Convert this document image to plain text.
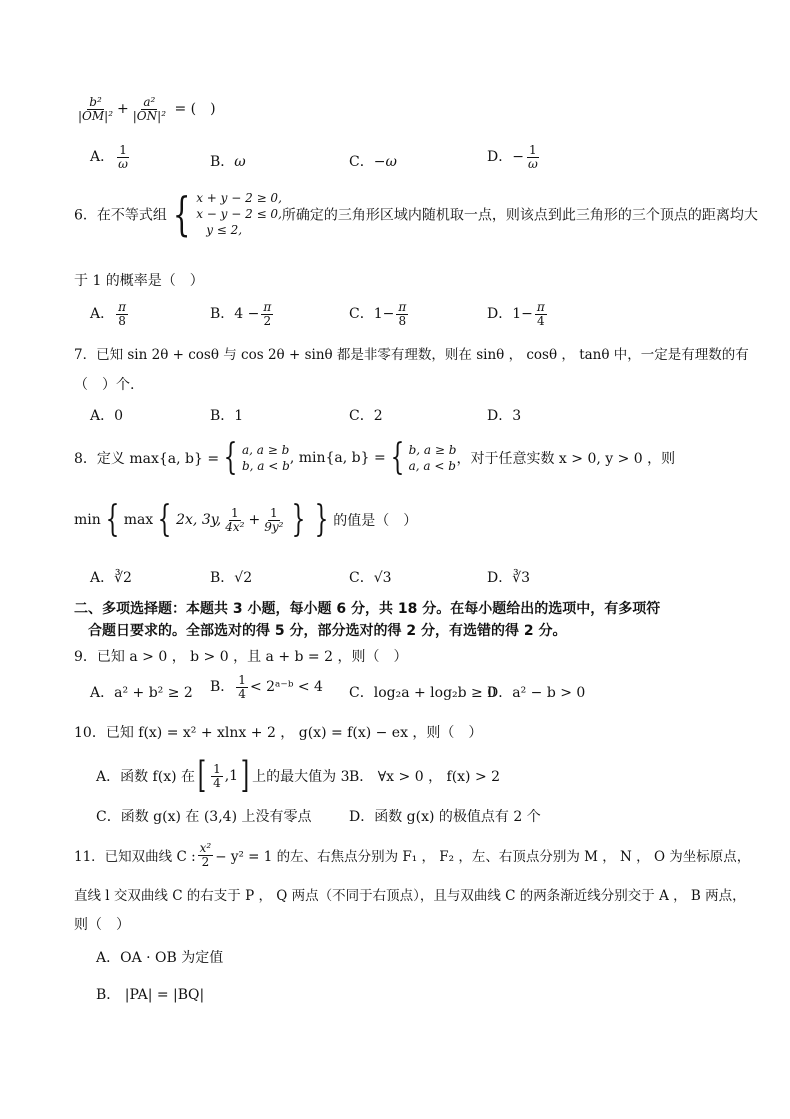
$\frac{\text{b²}}{\text{|OM|²}} + \frac{\text{a²}}{\text{|ON|²}}$ = (　)
A． $\frac{1}{\omega}$	B．ω	C．−ω	D．− $\frac{1}{\omega}$
6．在不等式组 { x + y − 2 ≥ 0,
x − y − 2 ≤ 0,
y ≤ 2,
所确定的三角形区域内随机取一点，则该点到此三角形的三个顶点的距离均大
于 1 的概率是（　）
A． $\frac{\pi}{8}$	B．$4 - \frac{\pi}{2}$	C．$1- \frac{\pi}{8}$	D．$1- \frac{\pi}{4}$
7．已知 sin 2θ + cosθ 与 cos 2θ + sinθ 都是非零有理数，则在 sinθ ， cosθ ， tanθ 中，一定是有理数的有
（　）个.
A．0	B．1	C．2	D．3
8．定义 max{a, b} = { a, a ≥ b
b, a < b , min{a, b} = { b, a ≥ b
a, a < b ，对于任意实数 x > 0, y > 0 ，则
min { max { 2x, 3y, $\frac{1}{\text{4x²}} + \frac{1}{\text{9y²}}$ } } 的值是（　）
A．∛2	B．√2	C．√3	D．∛3
二、多项选择题：本题共 3 小题，每小题 6 分，共 18 分。在每小题给出的选项中，有多项符
合题日要求的。全部选对的得 5 分，部分选对的得 2 分，有选错的得 2 分。
9．已知 a > 0 ， b > 0 ，且 a + b = 2 ，则（　）
A．a² + b² ≥ 2 B． $\frac{1}{4}$ < 2ᵃ⁻ᵇ < 4 C．log₂a + log₂b ≥ 0
D．a² − b > 0
10．已知 f(x) = x² + xlnx + 2 ， g(x) = f(x) − ex ，则（　）
A．函数 f(x) 在[ $\frac{1}{4} ,1$] 上的最大值为 3 B． ∀x > 0 ， f(x) > 2
C．函数 g(x) 在 (3,4) 上没有零点	D．函数 g(x) 的极值点有 2 个
11．已知双曲线 C : $\frac{\text{x²}}{2} - y^2 = 1$ 的左、右焦点分别为 F₁ ， F₂ ，左、右顶点分别为 M ， N ， O 为坐标原点，
直线 l 交双曲线 C 的右支于 P ， Q 两点（不同于右顶点），且与双曲线 C 的两条渐近线分别交于 A ， B 两点，
则（　）
A．OA · OB 为定值
B． |PA| = |BQ|
